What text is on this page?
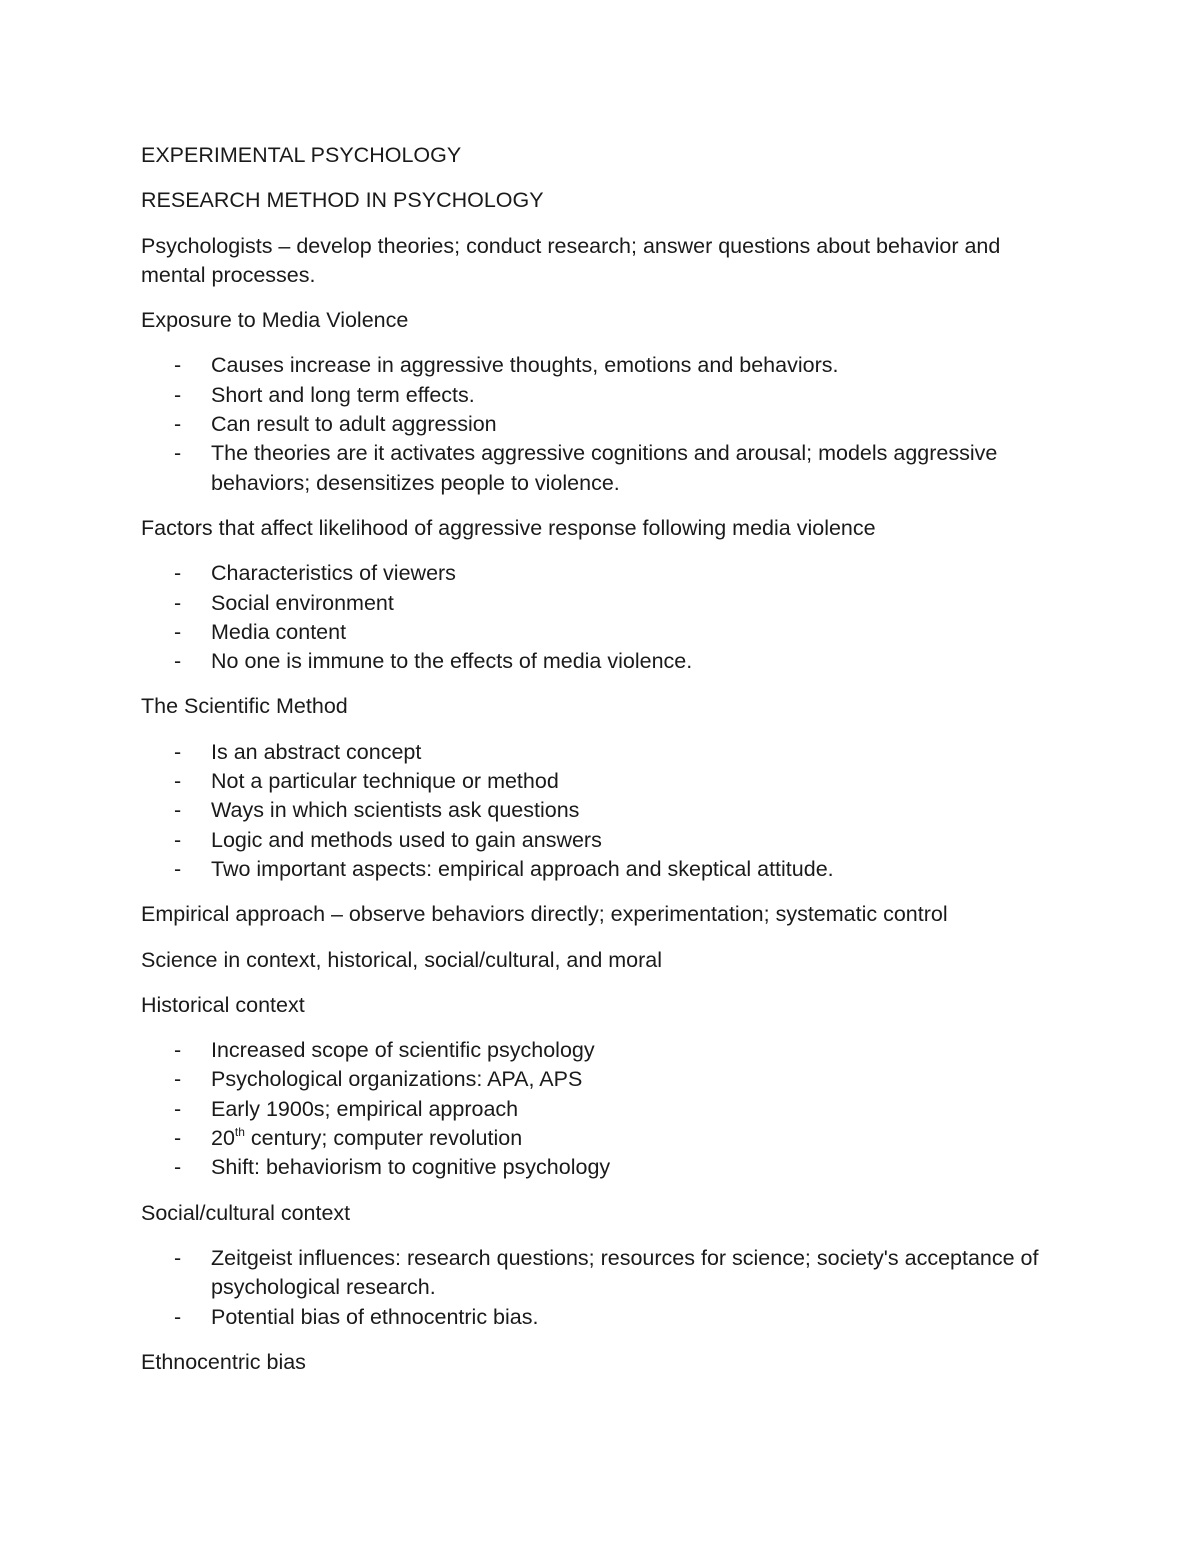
EXPERIMENTAL PSYCHOLOGY

RESEARCH METHOD IN PSYCHOLOGY

Psychologists – develop theories; conduct research; answer questions about behavior and mental processes.

Exposure to Media Violence

- Causes increase in aggressive thoughts, emotions and behaviors.
- Short and long term effects.
- Can result to adult aggression
- The theories are it activates aggressive cognitions and arousal; models aggressive behaviors; desensitizes people to violence.

Factors that affect likelihood of aggressive response following media violence

- Characteristics of viewers
- Social environment
- Media content
- No one is immune to the effects of media violence.

The Scientific Method

- Is an abstract concept
- Not a particular technique or method
- Ways in which scientists ask questions
- Logic and methods used to gain answers
- Two important aspects: empirical approach and skeptical attitude.

Empirical approach – observe behaviors directly; experimentation; systematic control

Science in context, historical, social/cultural, and moral

Historical context

- Increased scope of scientific psychology
- Psychological organizations: APA, APS
- Early 1900s; empirical approach
- 20th century; computer revolution
- Shift: behaviorism to cognitive psychology

Social/cultural context

- Zeitgeist influences: research questions; resources for science; society's acceptance of psychological research.
- Potential bias of ethnocentric bias.

Ethnocentric bias
